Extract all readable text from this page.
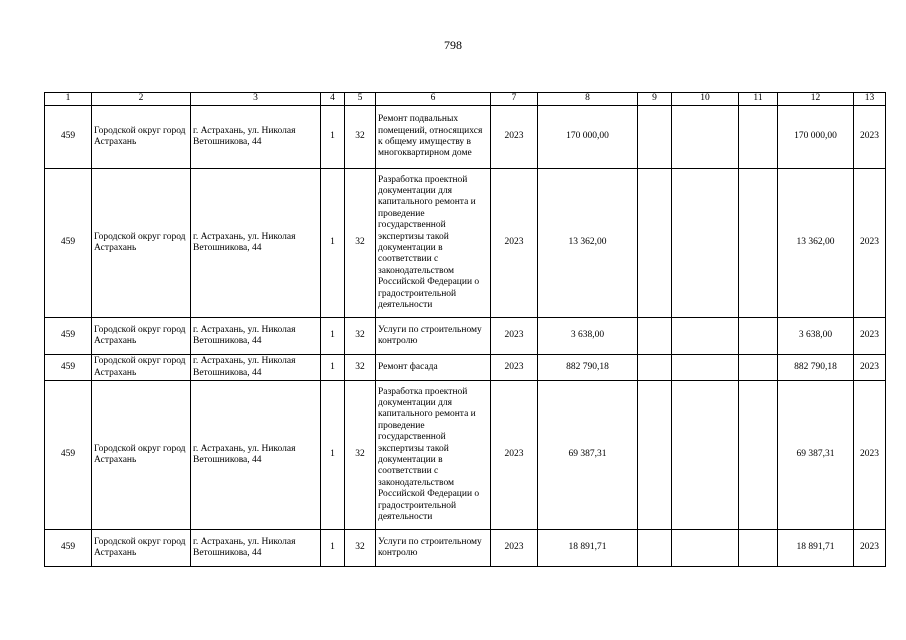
798
1	2	3	4	5	6	7	8	9	10	11	12	13
459	Городской округ город Астрахань	г. Астрахань, ул. Николая Ветошникова, 44	1	32	Ремонт подвальных помещений, относящихся к общему имуществу в многоквартирном доме	2023	170 000,00				170 000,00	2023
459	Городской округ город Астрахань	г. Астрахань, ул. Николая Ветошникова, 44	1	32	Разработка проектной документации для капитального ремонта и проведение государственной экспертизы такой документации в соответствии с законодательством Российской Федерации о градостроительной деятельности	2023	13 362,00				13 362,00	2023
459	Городской округ город Астрахань	г. Астрахань, ул. Николая Ветошникова, 44	1	32	Услуги по строительному контролю	2023	3 638,00				3 638,00	2023
459	Городской округ город Астрахань	г. Астрахань, ул. Николая Ветошникова, 44	1	32	Ремонт фасада	2023	882 790,18				882 790,18	2023
459	Городской округ город Астрахань	г. Астрахань, ул. Николая Ветошникова, 44	1	32	Разработка проектной документации для капитального ремонта и проведение государственной экспертизы такой документации в соответствии с законодательством Российской Федерации о градостроительной деятельности	2023	69 387,31				69 387,31	2023
459	Городской округ город Астрахань	г. Астрахань, ул. Николая Ветошникова, 44	1	32	Услуги по строительному контролю	2023	18 891,71				18 891,71	2023
